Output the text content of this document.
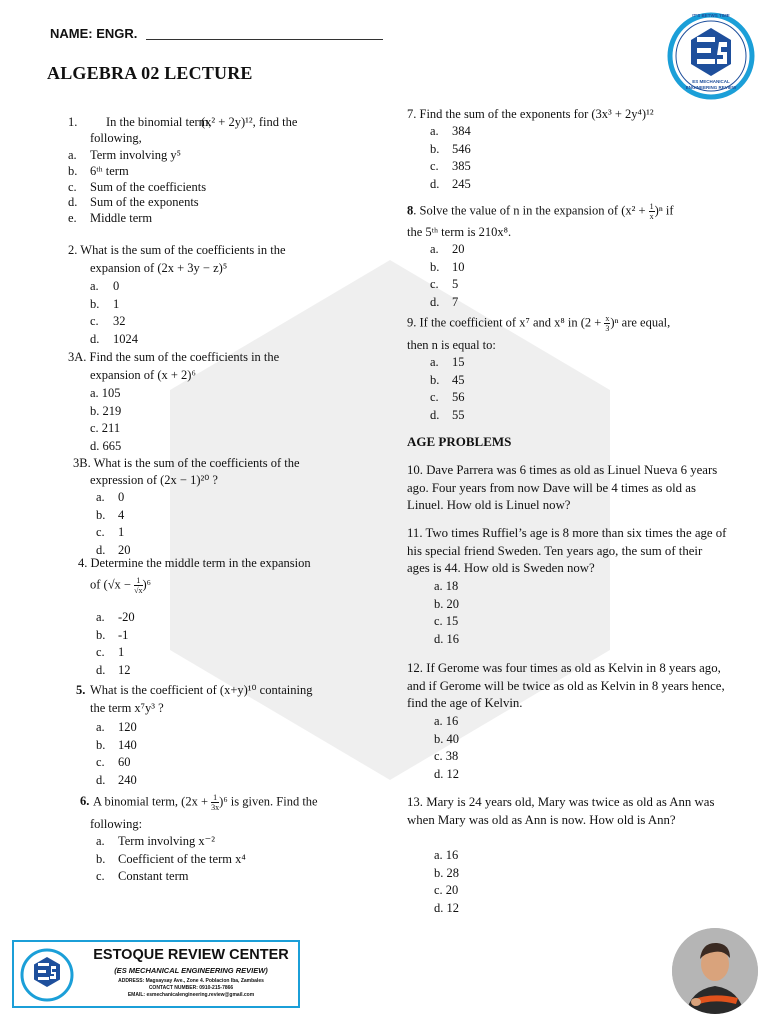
NAME: ENGR.
ALGEBRA 02 LECTURE
IT'S BETWS TIME
ES MECHANICAL
ENGINEERING REVIEW
1. In the binomial term,
(x² + 2y)¹², find the
following,
a. Term involving y⁵
b. 6ᵗʰ term
c. Sum of the coefficients
d. Sum of the exponents
e. Middle term
2. What is the sum of the coefficients in the
expansion of (2x + 3y − z)⁵
a. 0
b. 1
c. 32
d. 1024
3A. Find the sum of the coefficients in the
expansion of (x + 2)⁶
a. 105
b. 219
c. 211
d. 665
3B. What is the sum of the coefficients of the
expression of (2x − 1)²⁰ ?
a. 0
b. 4
c. 1
d. 20
4. Determine the middle term in the expansion
of $(√x - \frac{1}{√x} )^6$
a. -20
b. -1
c. 1
d. 12
5. What is the coefficient of (x+y)¹⁰ containing
the term x⁷y³ ?
a. 120
b. 140
c. 60
d. 240
6. A binomial term, $(2x + \frac{1}{3x} )^6$ is given. Find the
following:
a. Term involving x⁻²
b. Coefficient of the term x⁴
c. Constant term
7. Find the sum of the exponents for (3x³ + 2y⁴)¹²
a. 384
b. 546
c. 385
d. 245
8. Solve the value of n in the expansion of $(x^2 + \frac{1}{x} )^n$ if
the 5ᵗʰ term is 210x⁸.
a. 20
b. 10
c. 5
d. 7
9. If the coefficient of x⁷ and x⁸ in $(2 + \frac{x}{3} )^n$ are equal,
then n is equal to:
a. 15
b. 45
c. 56
d. 55
AGE PROBLEMS
10. Dave Parrera was 6 times as old as Linuel Nueva 6 years ago. Four years from now Dave will be 4 times as old as Linuel. How old is Linuel now?
11. Two times Ruffiel’s age is 8 more than six times the age of his special friend Sweden. Ten years ago, the sum of their ages is 44. How old is Sweden now?
a. 18
b. 20
c. 15
d. 16
12. If Gerome was four times as old as Kelvin in 8 years ago, and if Gerome will be twice as old as Kelvin in 8 years hence, find the age of Kelvin.
a. 16
b. 40
c. 38
d. 12
13. Mary is 24 years old, Mary was twice as old as Ann was when Mary was old as Ann is now. How old is Ann?
a. 16
b. 28
c. 20
d. 12
ESTOQUE REVIEW CENTER
(ES MECHANICAL ENGINEERING REVIEW)
ADDRESS: Magsaysay Ave., Zone 4. Poblacion Iba, Zambales
CONTACT NUMBER: 0910-215-7866
EMAIL: esmechanicalengineering.review@gmail.com
